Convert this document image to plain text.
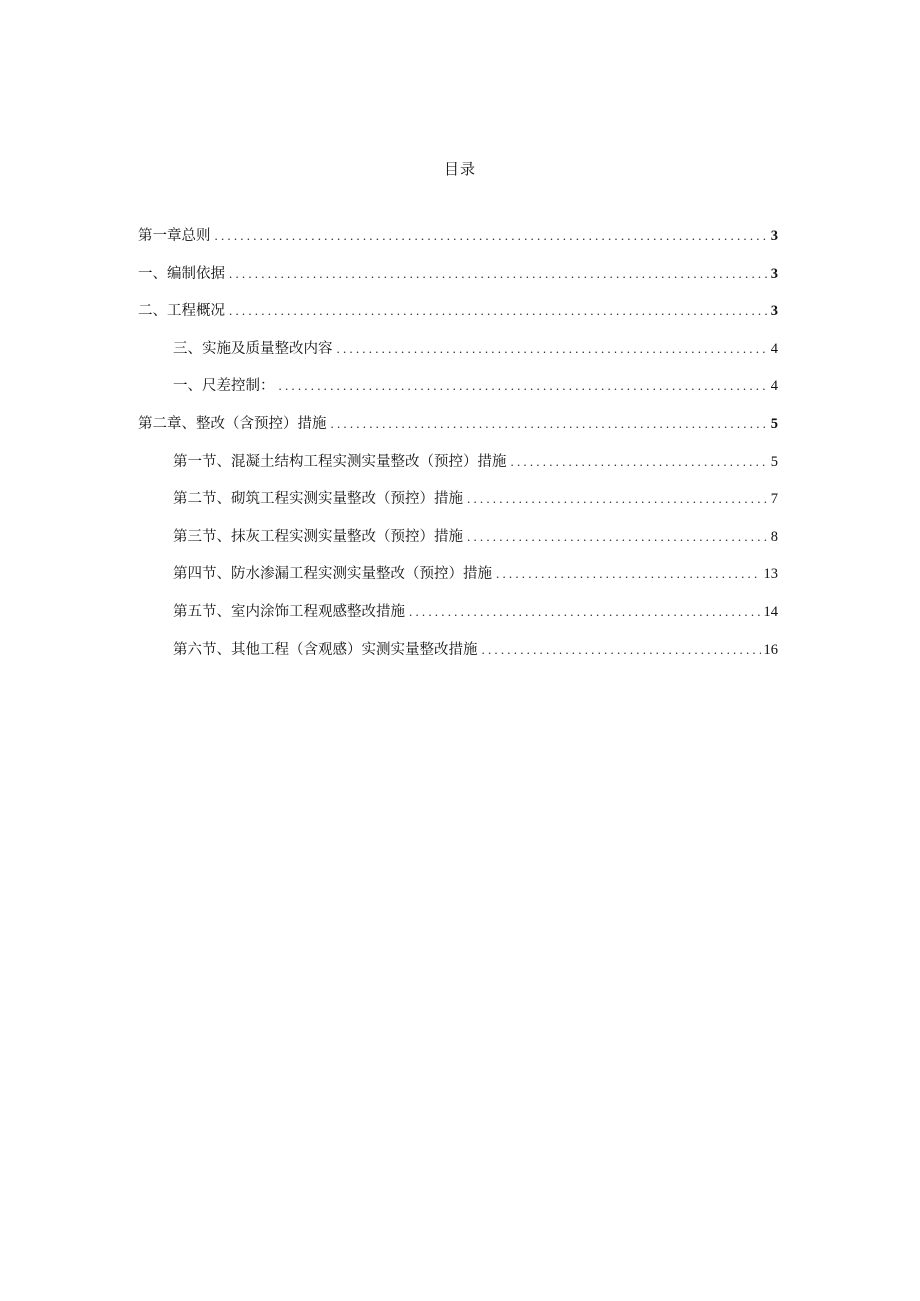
目录
第一章总则 .....	3
一、编制依据 .....	3
二、工程概况 .....	3
三、实施及质量整改内容 .....	4
一、尺差控制： .....	4
第二章、整改（含预控）措施 .....	5
第一节、混凝土结构工程实测实量整改（预控）措施 .....	5
第二节、砌筑工程实测实量整改（预控）措施 .....	7
第三节、抹灰工程实测实量整改（预控）措施 .....	8
第四节、防水渗漏工程实测实量整改（预控）措施 .....	13
第五节、室内涂饰工程观感整改措施 .....	14
第六节、其他工程（含观感）实测实量整改措施 .....	16
